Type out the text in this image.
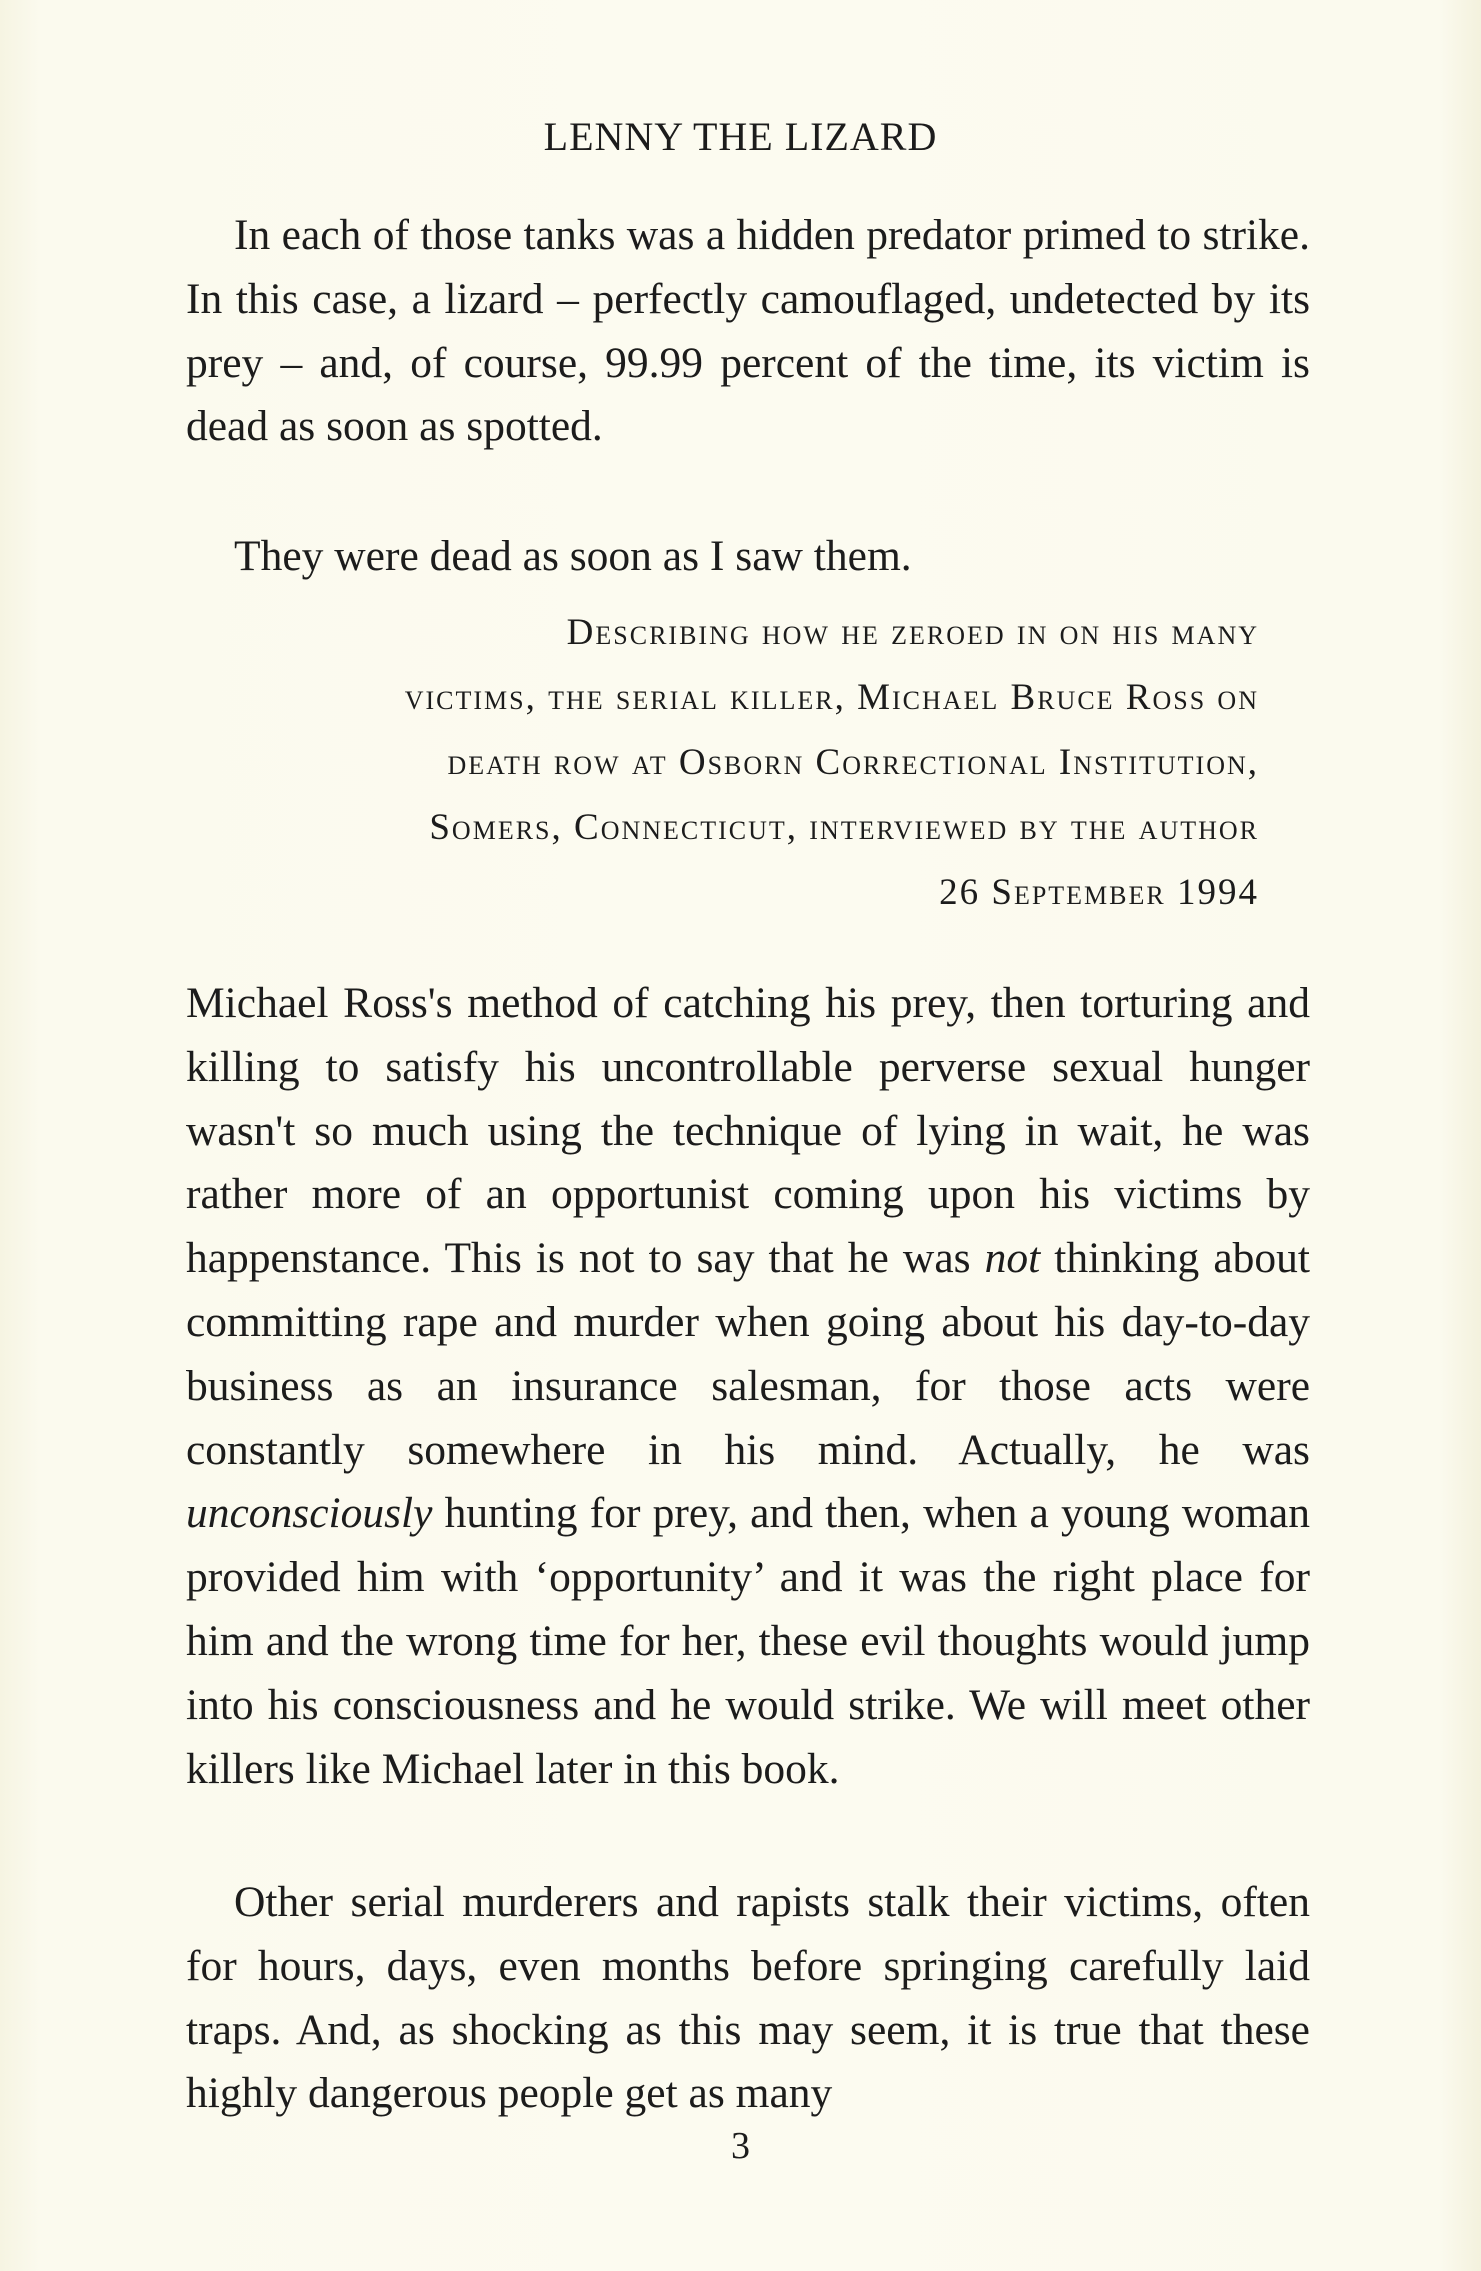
LENNY THE LIZARD

In each of those tanks was a hidden predator primed to strike. In this case, a lizard – perfectly camouflaged, undetected by its prey – and, of course, 99.99 percent of the time, its victim is dead as soon as spotted.

They were dead as soon as I saw them.
Describing how he zeroed in on his many
victims, the serial killer, Michael Bruce Ross on
death row at Osborn Correctional Institution,
Somers, Connecticut, interviewed by the author
26 September 1994

Michael Ross's method of catching his prey, then torturing and killing to satisfy his uncontrollable perverse sexual hunger wasn't so much using the technique of lying in wait, he was rather more of an opportunist coming upon his victims by happenstance. This is not to say that he was not thinking about committing rape and murder when going about his day-to-day business as an insurance salesman, for those acts were constantly somewhere in his mind. Actually, he was unconsciously hunting for prey, and then, when a young woman provided him with ‘opportunity’ and it was the right place for him and the wrong time for her, these evil thoughts would jump into his consciousness and he would strike. We will meet other killers like Michael later in this book.

Other serial murderers and rapists stalk their victims, often for hours, days, even months before springing carefully laid traps. And, as shocking as this may seem, it is true that these highly dangerous people get as many

3
